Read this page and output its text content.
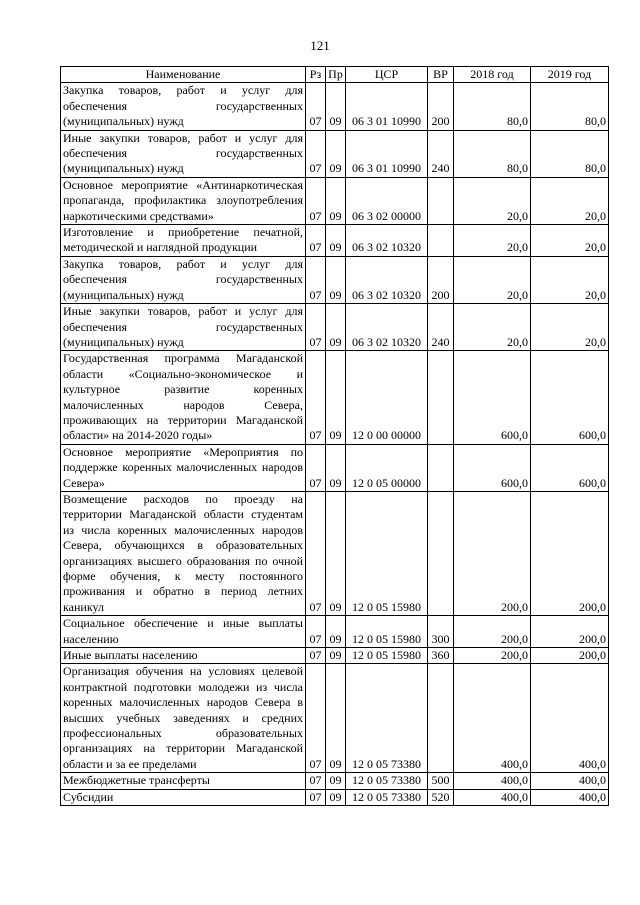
121
Наименование	Рз	Пр	ЦСР	ВР	2018 год	2019 год
Закупка товаров, работ и услуг для обеспечения государственных (муниципальных) нужд	07	09	06 3 01 10990	200	80,0	80,0
Иные закупки товаров, работ и услуг для обеспечения государственных (муниципальных) нужд	07	09	06 3 01 10990	240	80,0	80,0
Основное мероприятие «Антинаркотическая пропаганда, профилактика злоупотребления наркотическими средствами»	07	09	06 3 02 00000		20,0	20,0
Изготовление и приобретение печатной, методической и наглядной продукции	07	09	06 3 02 10320		20,0	20,0
Закупка товаров, работ и услуг для обеспечения государственных (муниципальных) нужд	07	09	06 3 02 10320	200	20,0	20,0
Иные закупки товаров, работ и услуг для обеспечения государственных (муниципальных) нужд	07	09	06 3 02 10320	240	20,0	20,0
Государственная программа Магаданской области «Социально-экономическое и культурное развитие коренных малочисленных народов Севера, проживающих на территории Магаданской области» на 2014-2020 годы»	07	09	12 0 00 00000		600,0	600,0
Основное мероприятие «Мероприятия по поддержке коренных малочисленных народов Севера»	07	09	12 0 05 00000		600,0	600,0
Возмещение расходов по проезду на территории Магаданской области студентам из числа коренных малочисленных народов Севера, обучающихся в образовательных организациях высшего образования по очной форме обучения, к месту постоянного проживания и обратно в период летних каникул	07	09	12 0 05 15980		200,0	200,0
Социальное обеспечение и иные выплаты населению	07	09	12 0 05 15980	300	200,0	200,0
Иные выплаты населению	07	09	12 0 05 15980	360	200,0	200,0
Организация обучения на условиях целевой контрактной подготовки молодежи из числа коренных малочисленных народов Севера в высших учебных заведениях и средних профессиональных образовательных организациях на территории Магаданской области и за ее пределами	07	09	12 0 05 73380		400,0	400,0
Межбюджетные трансферты	07	09	12 0 05 73380	500	400,0	400,0
Субсидии	07	09	12 0 05 73380	520	400,0	400,0
